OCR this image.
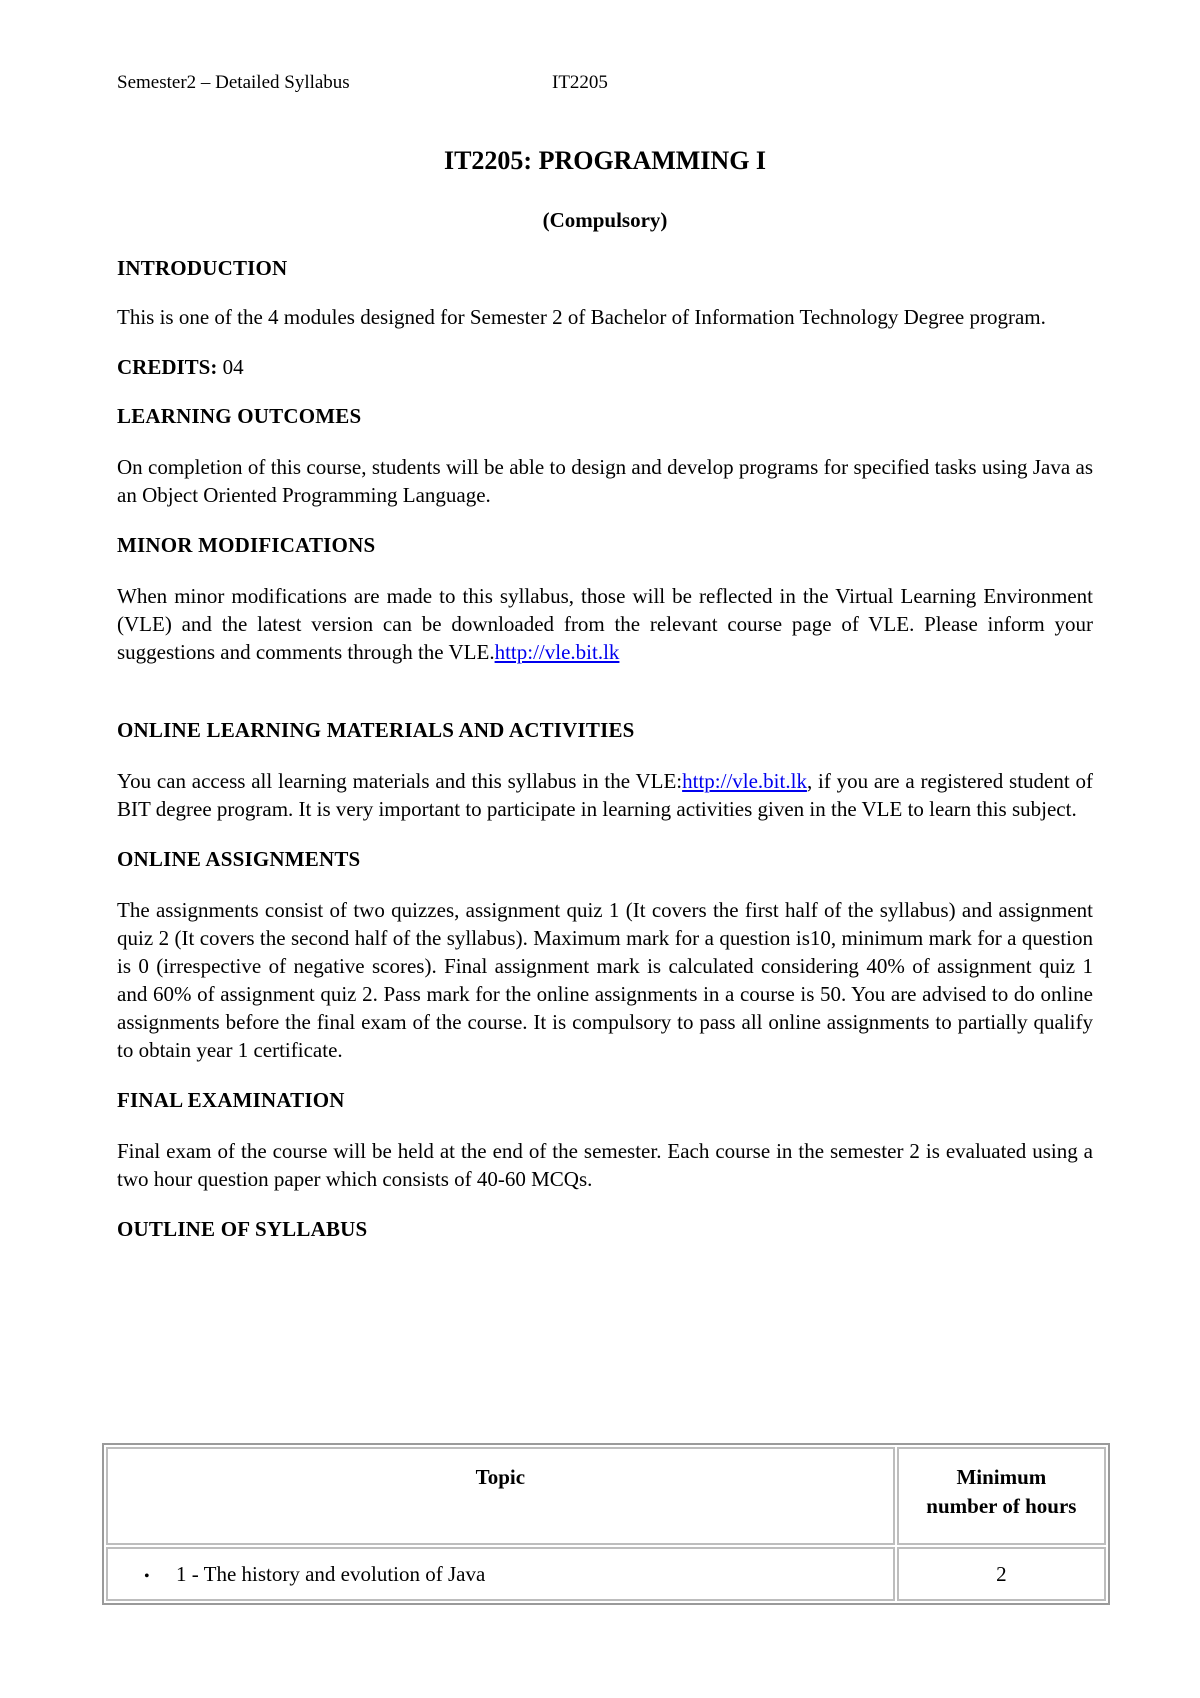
Semester2 – Detailed Syllabus	IT2205
IT2205: PROGRAMMING I
(Compulsory)
INTRODUCTION

This is one of the 4 modules designed for Semester 2 of Bachelor of Information Technology Degree program.

CREDITS: 04
LEARNING OUTCOMES

On completion of this course, students will be able to design and develop programs for specified tasks using Java as an Object Oriented Programming Language.

MINOR MODIFICATIONS

When minor modifications are made to this syllabus, those will be reflected in the Virtual Learning Environment (VLE) and the latest version can be downloaded from the relevant course page of VLE. Please inform your suggestions and comments through the VLE.http://vle.bit.lk

ONLINE LEARNING MATERIALS AND ACTIVITIES

You can access all learning materials and this syllabus in the VLE:http://vle.bit.lk, if you are a registered student of BIT degree program. It is very important to participate in learning activities given in the VLE to learn this subject.

ONLINE ASSIGNMENTS

The assignments consist of two quizzes, assignment quiz 1 (It covers the first half of the syllabus) and assignment quiz 2 (It covers the second half of the syllabus). Maximum mark for a question is10, minimum mark for a question is 0 (irrespective of negative scores). Final assignment mark is calculated considering 40% of assignment quiz 1 and 60% of assignment quiz 2. Pass mark for the online assignments in a course is 50. You are advised to do online assignments before the final exam of the course. It is compulsory to pass all online assignments to partially qualify to obtain year 1 certificate.

FINAL EXAMINATION

Final exam of the course will be held at the end of the semester. Each course in the semester 2 is evaluated using a two hour question paper which consists of 40-60 MCQs.

OUTLINE OF SYLLABUS
Topic	Minimum
number of hours

• 1 - The history and evolution of Java	2
